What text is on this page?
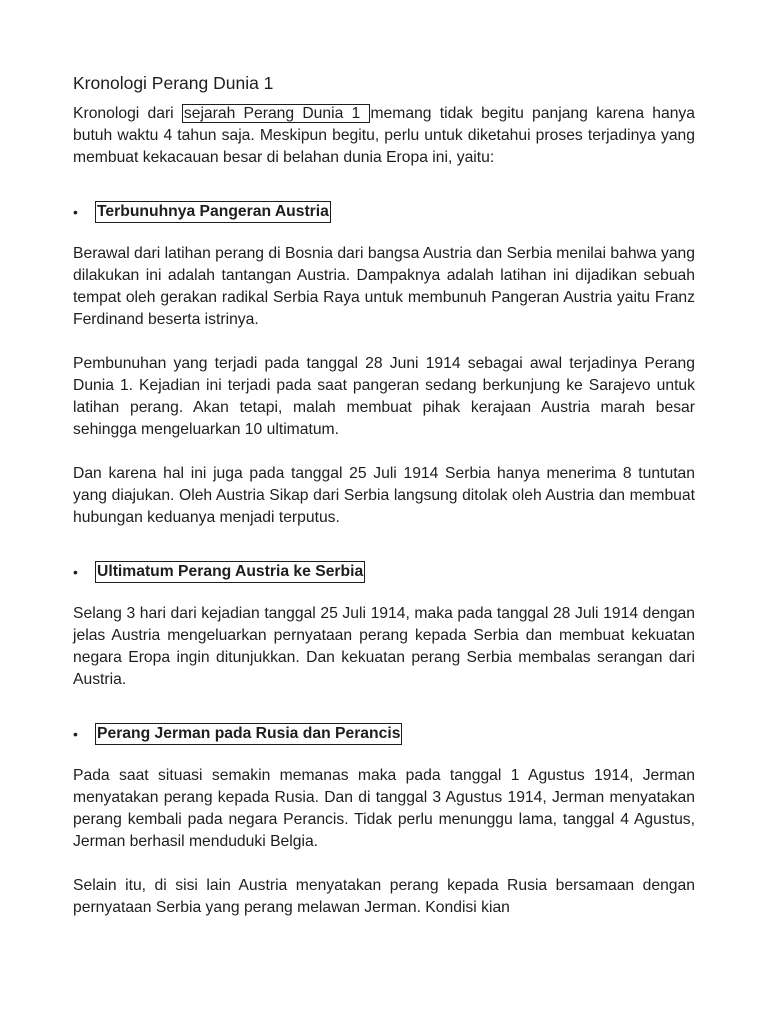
Kronologi Perang Dunia 1

Kronologi dari sejarah Perang Dunia 1 memang tidak begitu panjang karena hanya butuh waktu 4 tahun saja. Meskipun begitu, perlu untuk diketahui proses terjadinya yang membuat kekacauan besar di belahan dunia Eropa ini, yaitu:

•	Terbunuhnya Pangeran Austria

Berawal dari latihan perang di Bosnia dari bangsa Austria dan Serbia menilai bahwa yang dilakukan ini adalah tantangan Austria. Dampaknya adalah latihan ini dijadikan sebuah tempat oleh gerakan radikal Serbia Raya untuk membunuh Pangeran Austria yaitu Franz Ferdinand beserta istrinya.

Pembunuhan yang terjadi pada tanggal 28 Juni 1914 sebagai awal terjadinya Perang Dunia 1. Kejadian ini terjadi pada saat pangeran sedang berkunjung ke Sarajevo untuk latihan perang. Akan tetapi, malah membuat pihak kerajaan Austria marah besar sehingga mengeluarkan 10 ultimatum.

Dan karena hal ini juga pada tanggal 25 Juli 1914 Serbia hanya menerima 8 tuntutan yang diajukan. Oleh Austria Sikap dari Serbia langsung ditolak oleh Austria dan membuat hubungan keduanya menjadi terputus.

•	Ultimatum Perang Austria ke Serbia

Selang 3 hari dari kejadian tanggal 25 Juli 1914, maka pada tanggal 28 Juli 1914 dengan jelas Austria mengeluarkan pernyataan perang kepada Serbia dan membuat kekuatan negara Eropa ingin ditunjukkan. Dan kekuatan perang Serbia membalas serangan dari Austria.

•	Perang Jerman pada Rusia dan Perancis

Pada saat situasi semakin memanas maka pada tanggal 1 Agustus 1914, Jerman menyatakan perang kepada Rusia. Dan di tanggal 3 Agustus 1914, Jerman menyatakan perang kembali pada negara Perancis. Tidak perlu menunggu lama, tanggal 4 Agustus, Jerman berhasil menduduki Belgia.

Selain itu, di sisi lain Austria menyatakan perang kepada Rusia bersamaan dengan pernyataan Serbia yang perang melawan Jerman. Kondisi kian
